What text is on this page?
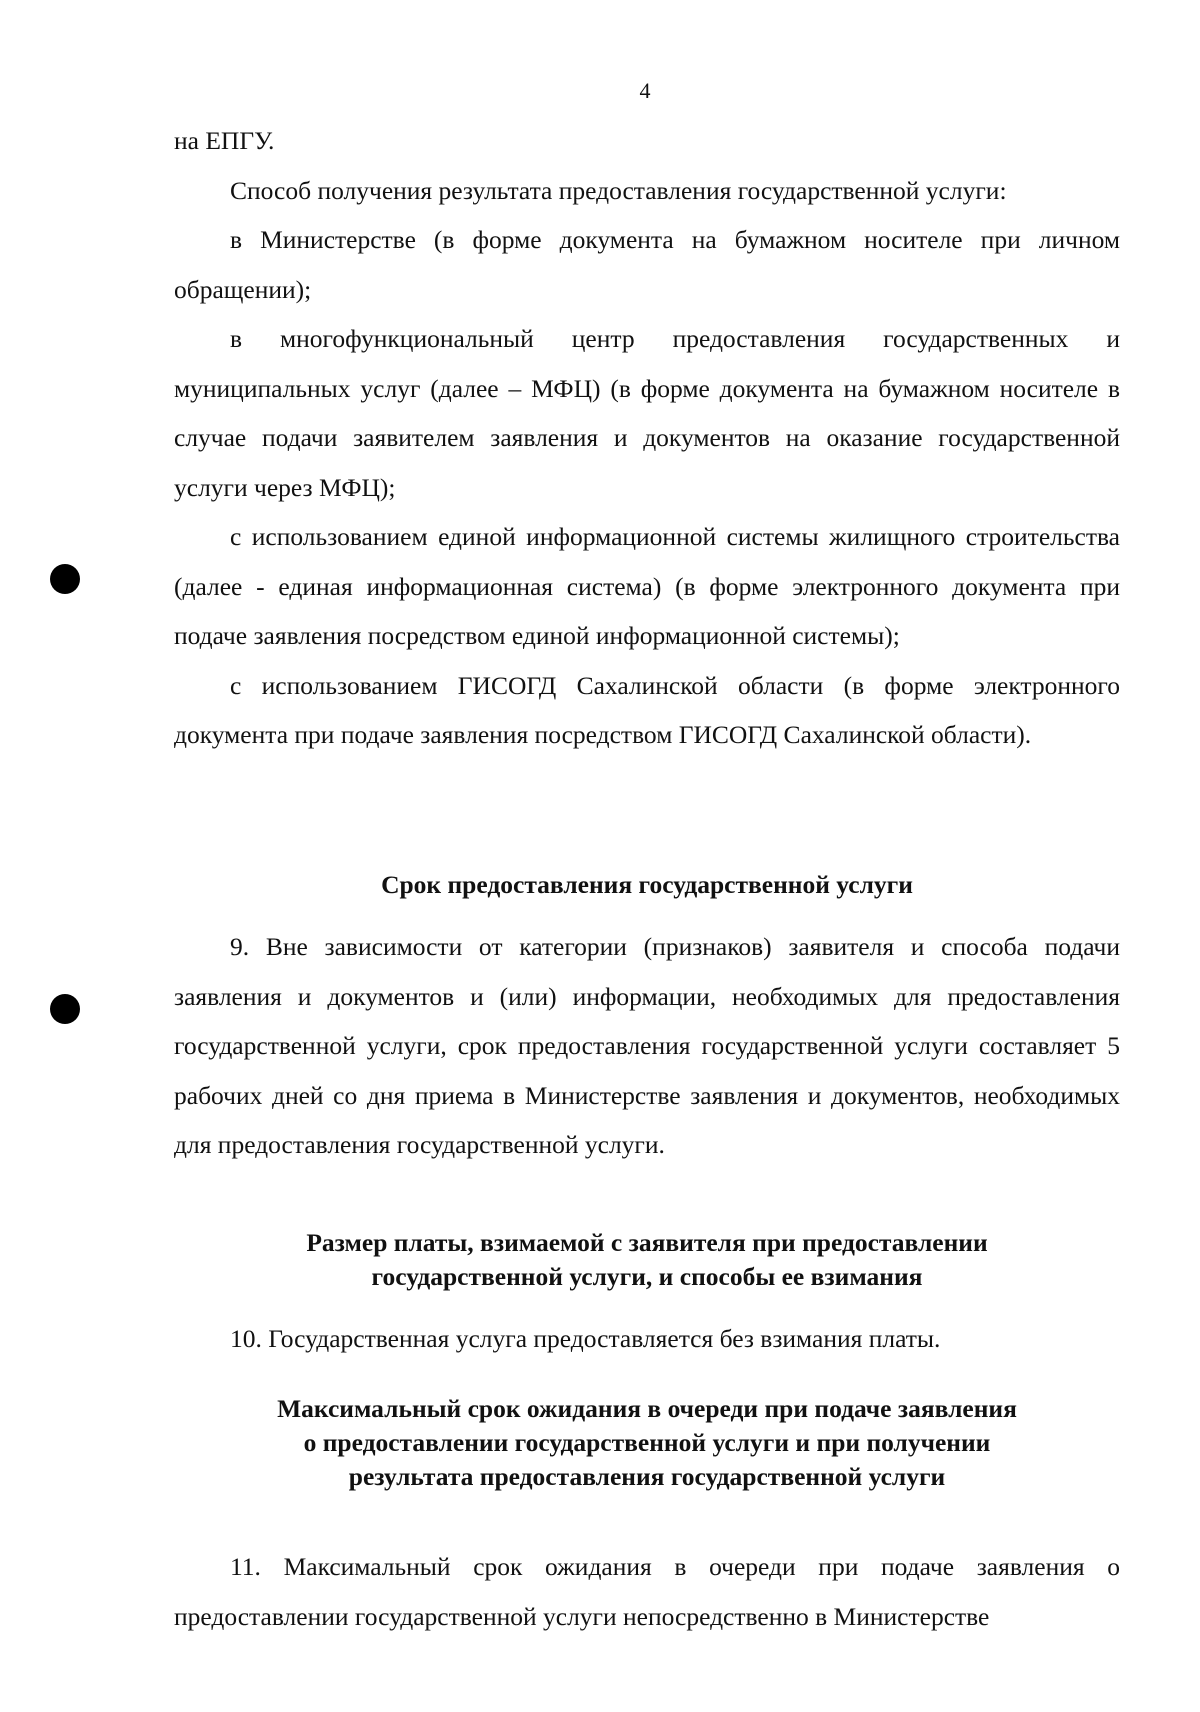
4

на ЕПГУ.

Способ получения результата предоставления государственной услуги:

в Министерстве (в форме документа на бумажном носителе при личном обращении);

в многофункциональный центр предоставления государственных и муниципальных услуг (далее – МФЦ) (в форме документа на бумажном носителе в случае подачи заявителем заявления и документов на оказание государственной услуги через МФЦ);

с использованием единой информационной системы жилищного строительства (далее - единая информационная система) (в форме электронного документа при подаче заявления посредством единой информационной системы);

с использованием ГИСОГД Сахалинской области (в форме электронного документа при подаче заявления посредством ГИСОГД Сахалинской области).

Срок предоставления государственной услуги

9. Вне зависимости от категории (признаков) заявителя и способа подачи заявления и документов и (или) информации, необходимых для предоставления государственной услуги, срок предоставления государственной услуги составляет 5 рабочих дней со дня приема в Министерстве заявления и документов, необходимых для предоставления государственной услуги.

Размер платы, взимаемой с заявителя при предоставлении
государственной услуги, и способы ее взимания

10. Государственная услуга предоставляется без взимания платы.

Максимальный срок ожидания в очереди при подаче заявления
о предоставлении государственной услуги и при получении
результата предоставления государственной услуги

11. Максимальный срок ожидания в очереди при подаче заявления о предоставлении государственной услуги непосредственно в Министерстве
